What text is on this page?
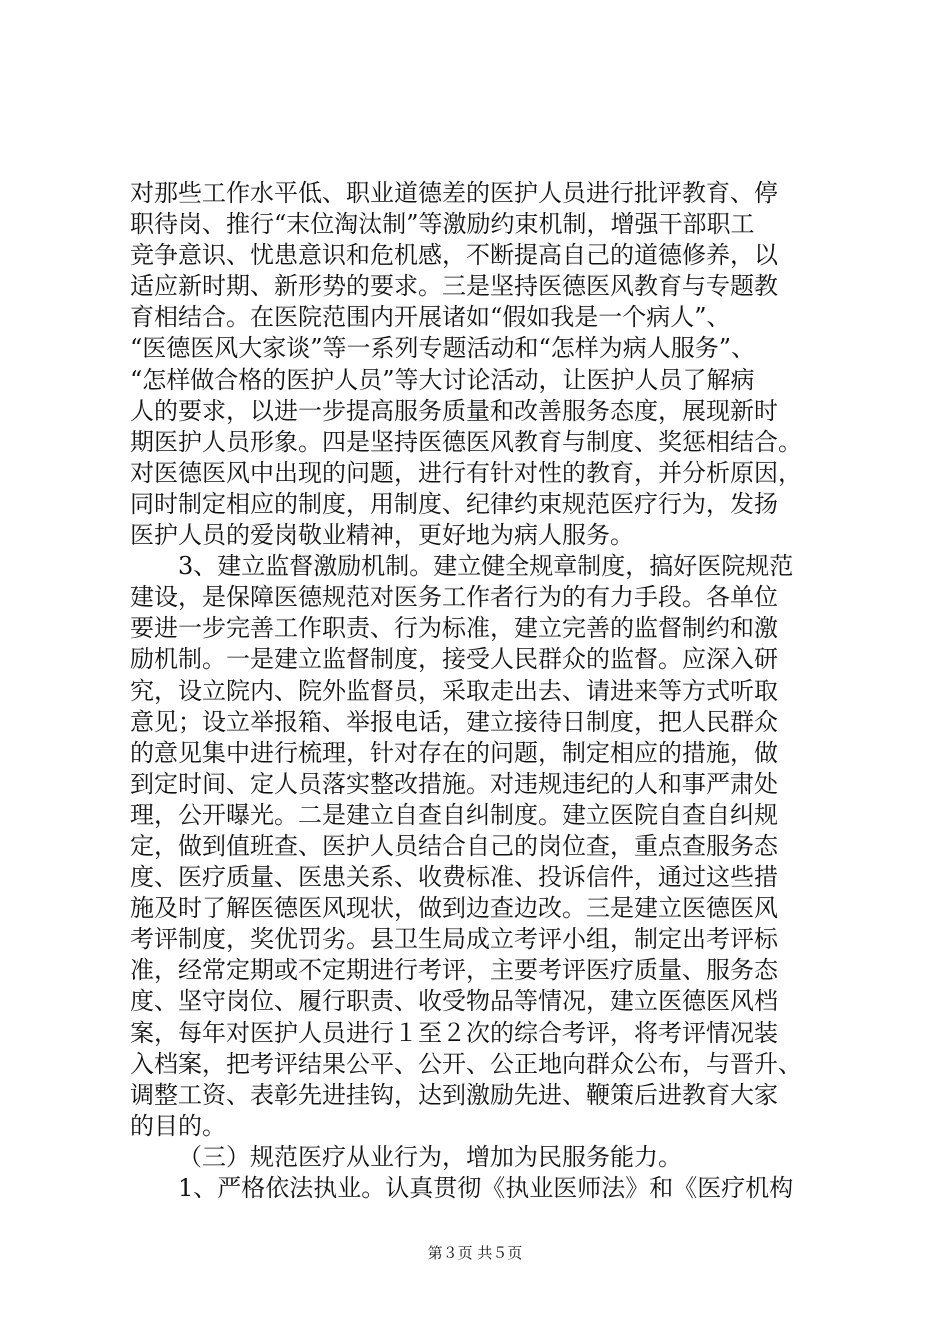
对那些工作水平低、职业道德差的医护人员进行批评教育、停
职待岗、推行“末位淘汰制”等激励约束机制，增强干部职工
竞争意识、忧患意识和危机感，不断提高自己的道德修养，以
适应新时期、新形势的要求。三是坚持医德医风教育与专题教
育相结合。在医院范围内开展诸如“假如我是一个病人”、
“医德医风大家谈”等一系列专题活动和“怎样为病人服务”、
“怎样做合格的医护人员”等大讨论活动，让医护人员了解病
人的要求，以进一步提高服务质量和改善服务态度，展现新时
期医护人员形象。四是坚持医德医风教育与制度、奖惩相结合。
对医德医风中出现的问题，进行有针对性的教育，并分析原因，
同时制定相应的制度，用制度、纪律约束规范医疗行为，发扬
医护人员的爱岗敬业精神，更好地为病人服务。
3、建立监督激励机制。建立健全规章制度，搞好医院规范
建设，是保障医德规范对医务工作者行为的有力手段。各单位
要进一步完善工作职责、行为标准，建立完善的监督制约和激
励机制。一是建立监督制度，接受人民群众的监督。应深入研
究，设立院内、院外监督员，采取走出去、请进来等方式听取
意见；设立举报箱、举报电话，建立接待日制度，把人民群众
的意见集中进行梳理，针对存在的问题，制定相应的措施，做
到定时间、定人员落实整改措施。对违规违纪的人和事严肃处
理，公开曝光。二是建立自查自纠制度。建立医院自查自纠规
定，做到值班查、医护人员结合自己的岗位查，重点查服务态
度、医疗质量、医患关系、收费标准、投诉信件，通过这些措
施及时了解医德医风现状，做到边查边改。三是建立医德医风
考评制度，奖优罚劣。县卫生局成立考评小组，制定出考评标
准，经常定期或不定期进行考评，主要考评医疗质量、服务态
度、坚守岗位、履行职责、收受物品等情况，建立医德医风档
案，每年对医护人员进行１至２次的综合考评，将考评情况装
入档案，把考评结果公平、公开、公正地向群众公布，与晋升、
调整工资、表彰先进挂钩，达到激励先进、鞭策后进教育大家
的目的。
（三）规范医疗从业行为，增加为民服务能力。
1、严格依法执业。认真贯彻《执业医师法》和《医疗机构
第３页 共５页
